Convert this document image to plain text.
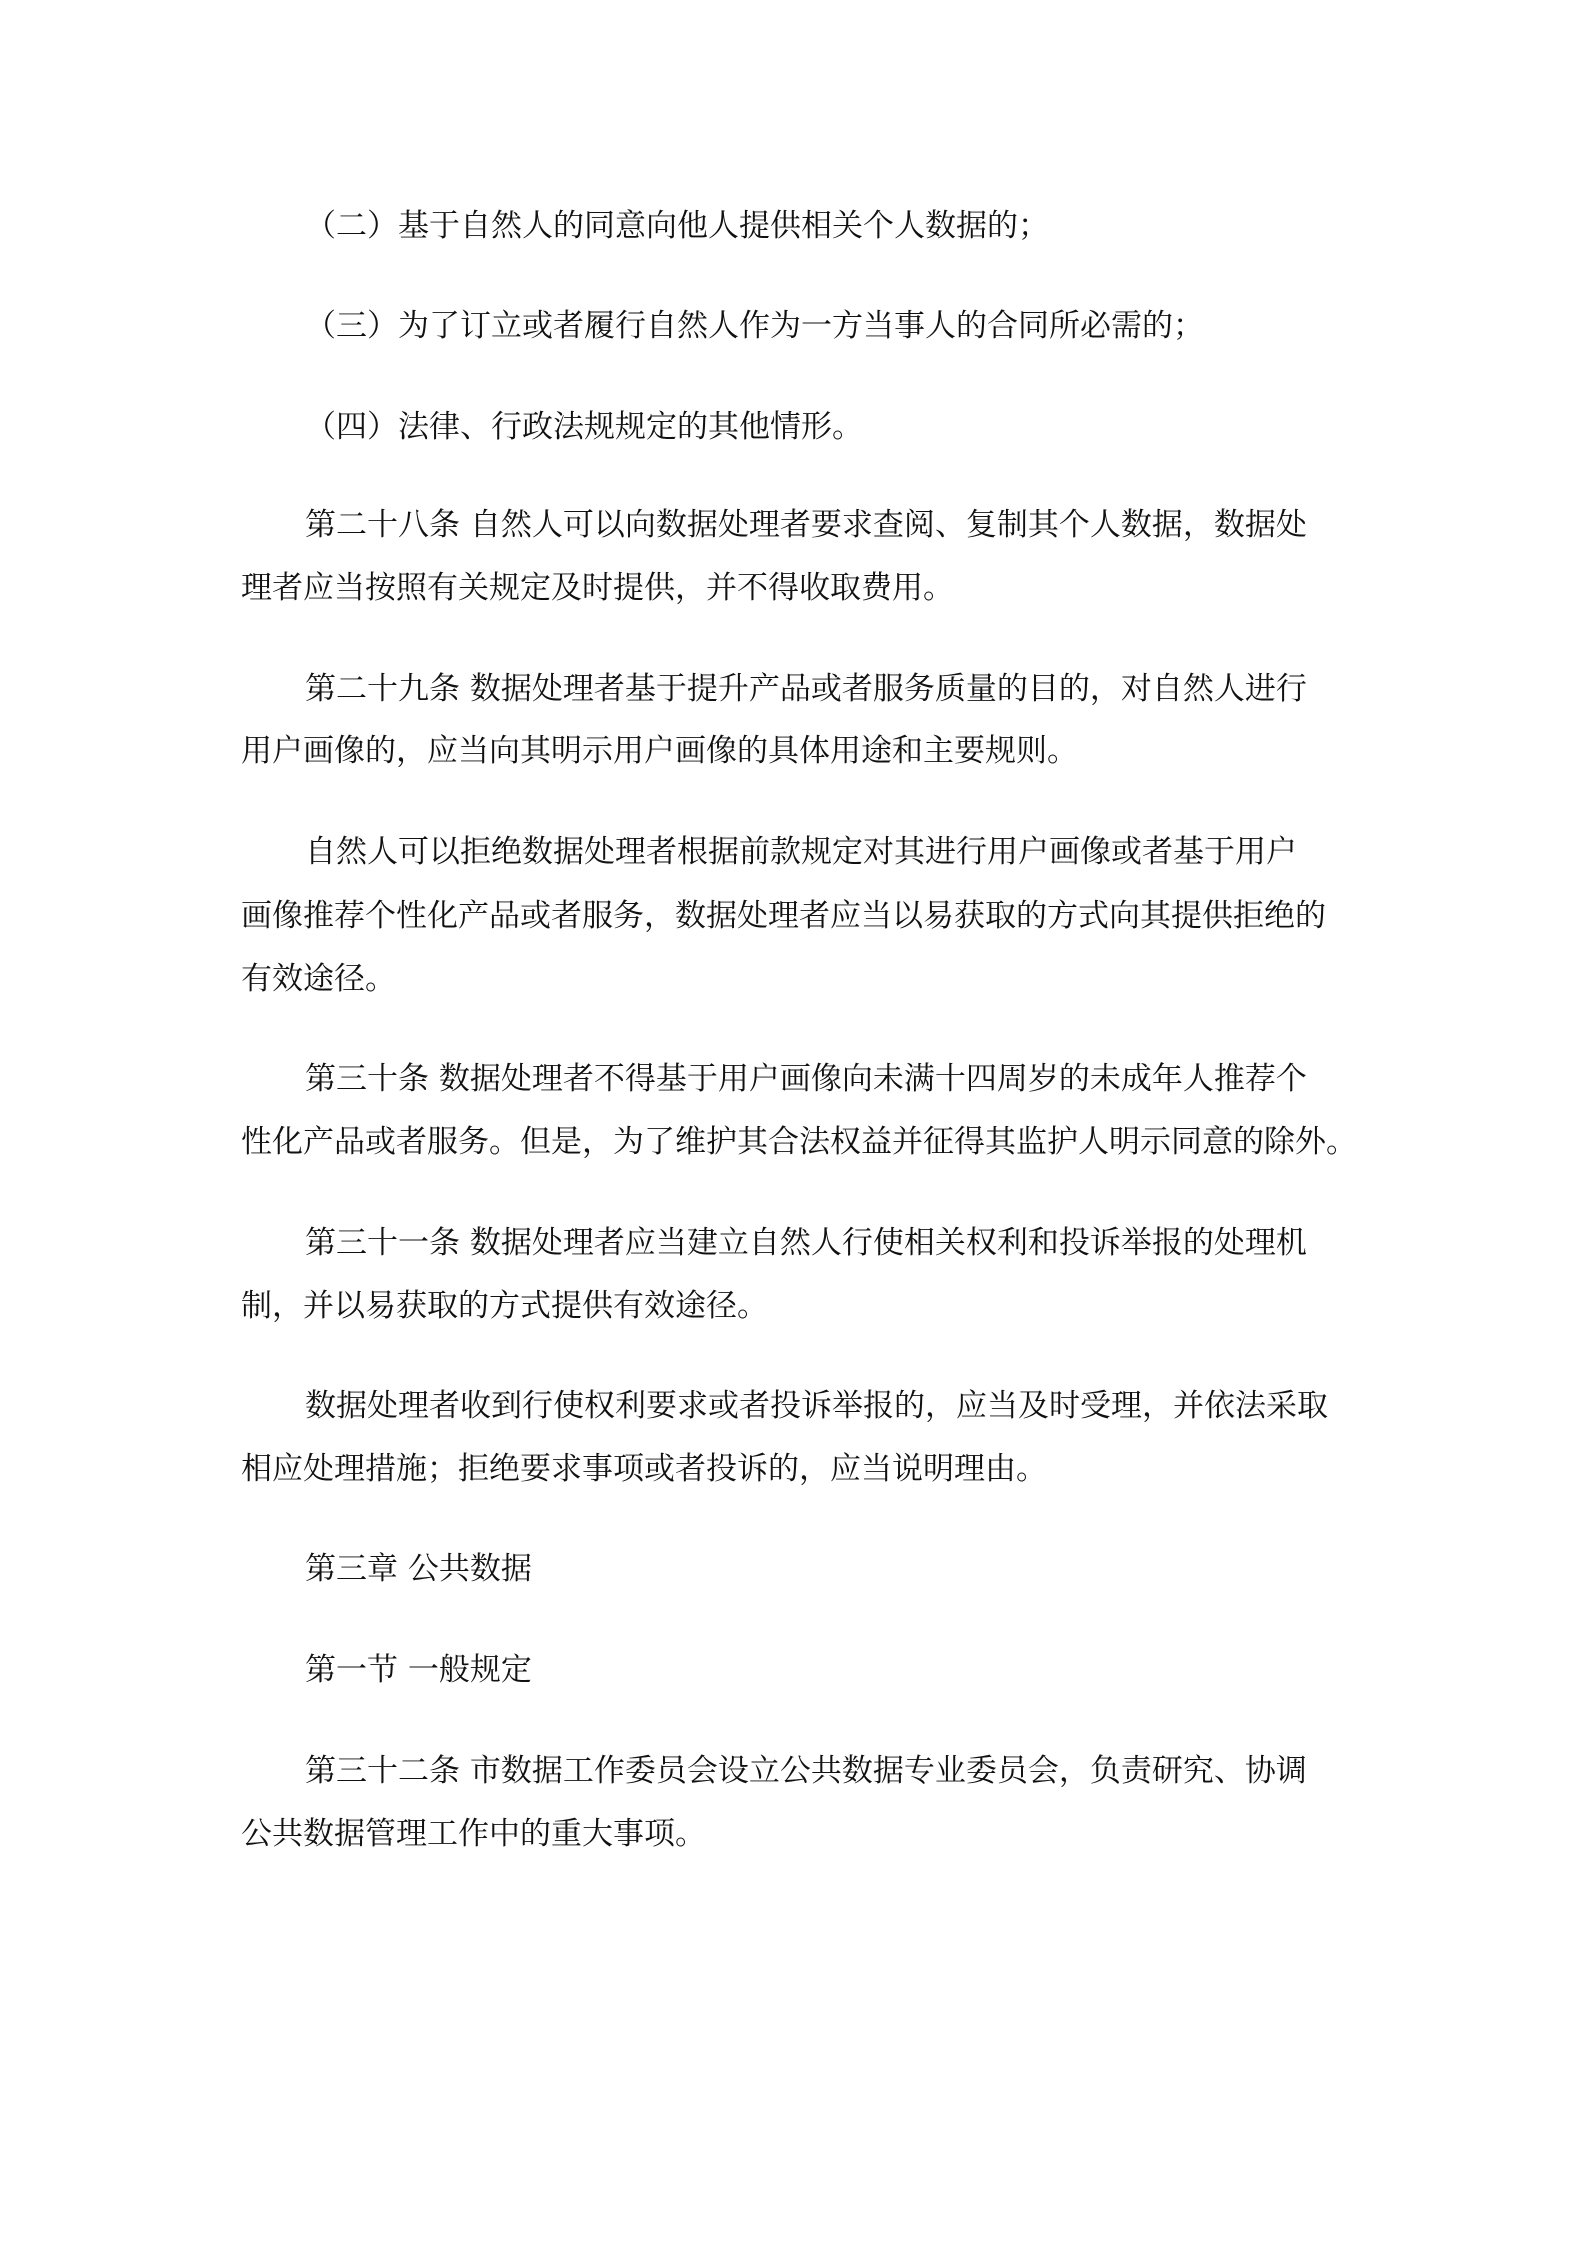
（二）基于自然人的同意向他人提供相关个人数据的；
（三）为了订立或者履行自然人作为一方当事人的合同所必需的；
（四）法律、行政法规规定的其他情形。
第二十八条 自然人可以向数据处理者要求查阅、复制其个人数据，数据处
理者应当按照有关规定及时提供，并不得收取费用。
第二十九条 数据处理者基于提升产品或者服务质量的目的，对自然人进行
用户画像的，应当向其明示用户画像的具体用途和主要规则。
自然人可以拒绝数据处理者根据前款规定对其进行用户画像或者基于用户
画像推荐个性化产品或者服务，数据处理者应当以易获取的方式向其提供拒绝的
有效途径。
第三十条 数据处理者不得基于用户画像向未满十四周岁的未成年人推荐个
性化产品或者服务。但是，为了维护其合法权益并征得其监护人明示同意的除外。
第三十一条 数据处理者应当建立自然人行使相关权利和投诉举报的处理机
制，并以易获取的方式提供有效途径。
数据处理者收到行使权利要求或者投诉举报的，应当及时受理，并依法采取
相应处理措施；拒绝要求事项或者投诉的，应当说明理由。
第三章 公共数据
第一节 一般规定
第三十二条 市数据工作委员会设立公共数据专业委员会，负责研究、协调
公共数据管理工作中的重大事项。
